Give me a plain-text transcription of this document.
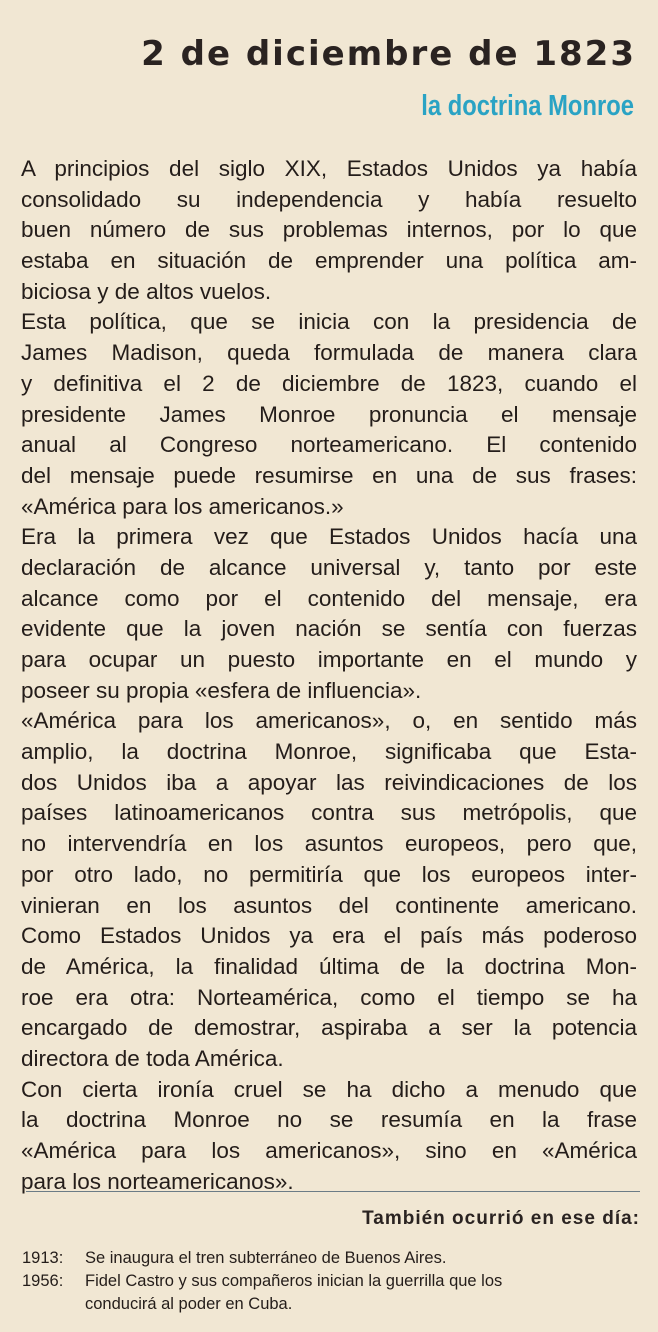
2 de diciembre de 1823
la doctrina Monroe
A principios del siglo XIX, Estados Unidos ya había
consolidado su independencia y había resuelto
buen número de sus problemas internos, por lo que
estaba en situación de emprender una política am-
biciosa y de altos vuelos.
Esta política, que se inicia con la presidencia de
James Madison, queda formulada de manera clara
y definitiva el 2 de diciembre de 1823, cuando el
presidente James Monroe pronuncia el mensaje
anual al Congreso norteamericano. El contenido
del mensaje puede resumirse en una de sus frases:
«América para los americanos.»
Era la primera vez que Estados Unidos hacía una
declaración de alcance universal y, tanto por este
alcance como por el contenido del mensaje, era
evidente que la joven nación se sentía con fuerzas
para ocupar un puesto importante en el mundo y
poseer su propia «esfera de influencia».
«América para los americanos», o, en sentido más
amplio, la doctrina Monroe, significaba que Esta-
dos Unidos iba a apoyar las reivindicaciones de los
países latinoamericanos contra sus metrópolis, que
no intervendría en los asuntos europeos, pero que,
por otro lado, no permitiría que los europeos inter-
vinieran en los asuntos del continente americano.
Como Estados Unidos ya era el país más poderoso
de América, la finalidad última de la doctrina Mon-
roe era otra: Norteamérica, como el tiempo se ha
encargado de demostrar, aspiraba a ser la potencia
directora de toda América.
Con cierta ironía cruel se ha dicho a menudo que
la doctrina Monroe no se resumía en la frase
«América para los americanos», sino en «América
para los norteamericanos».
También ocurrió en ese día:
1913:	Se inaugura el tren subterráneo de Buenos Aires.
1956:	Fidel Castro y sus compañeros inician la guerrilla que los
conducirá al poder en Cuba.
